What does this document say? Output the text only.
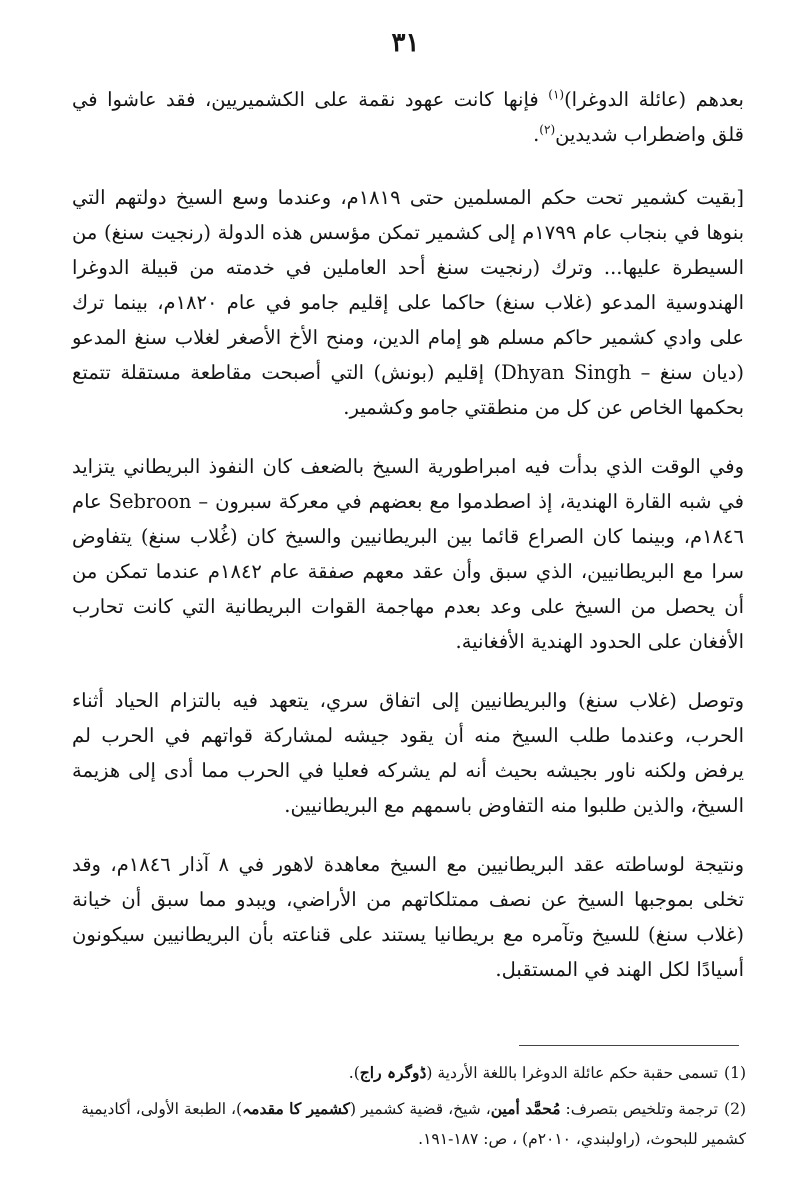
٣١

بعدهم (عائلة الدوغرا)$^{(١)}$ فإنها كانت عهود نقمة على الكشميريين، فقد عاشوا في قلق واضطراب شديدين$^{(٢)}$.

[بقيت كشمير تحت حكم المسلمين حتى ١٨١٩م، وعندما وسع السيخ دولتهم التي بنوها في بنجاب عام ١٧٩٩م إلى كشمير تمكن مؤسس هذه الدولة (رنجيت سنغ) من السيطرة عليها... وترك (رنجيت سنغ أحد العاملين في خدمته من قبيلة الدوغرا الهندوسية المدعو (غلاب سنغ) حاكما على إقليم جامو في عام ١٨٢٠م، بينما ترك على وادي كشمير حاكم مسلم هو إمام الدين، ومنح الأخ الأصغر لغلاب سنغ المدعو (ديان سنغ – Dhyan Singh) إقليم (بونش) التي أصبحت مقاطعة مستقلة تتمتع بحكمها الخاص عن كل من منطقتي جامو وكشمير.

وفي الوقت الذي بدأت فيه امبراطورية السيخ بالضعف كان النفوذ البريطاني يتزايد في شبه القارة الهندية، إذ اصطدموا مع بعضهم في معركة سبرون – Sebroon عام ١٨٤٦م، وبينما كان الصراع قائما بين البريطانيين والسيخ كان (غُلاب سنغ) يتفاوض سرا مع البريطانيين، الذي سبق وأن عقد معهم صفقة عام ١٨٤٢م عندما تمكن من أن يحصل من السيخ على وعد بعدم مهاجمة القوات البريطانية التي كانت تحارب الأفغان على الحدود الهندية الأفغانية.

وتوصل (غلاب سنغ) والبريطانيين إلى اتفاق سري، يتعهد فيه بالتزام الحياد أثناء الحرب، وعندما طلب السيخ منه أن يقود جيشه لمشاركة قواتهم في الحرب لم يرفض ولكنه ناور بجيشه بحيث أنه لم يشركه فعليا في الحرب مما أدى إلى هزيمة السيخ، والذين طلبوا منه التفاوض باسمهم مع البريطانيين.

ونتيجة لوساطته عقد البريطانيين مع السيخ معاهدة لاهور في ٨ آذار ١٨٤٦م، وقد تخلى بموجبها السيخ عن نصف ممتلكاتهم من الأراضي، ويبدو مما سبق أن خيانة (غلاب سنغ) للسيخ وتآمره مع بريطانيا يستند على قناعته بأن البريطانيين سيكونون أسيادًا لكل الهند في المستقبل.

(1)تسمى حقبة حكم عائلة الدوغرا باللغة الأردية (ڈوگرہ راج).

(2)ترجمة وتلخيص بتصرف: مُحمَّد أمين، شيخ، قضية كشمير (کشمیر کا مقدمہ)، الطبعة الأولى، أكاديمية كشمير للبحوث، (راولبندي، ٢٠١٠م) ، ص: ١٨٧-١٩١.
